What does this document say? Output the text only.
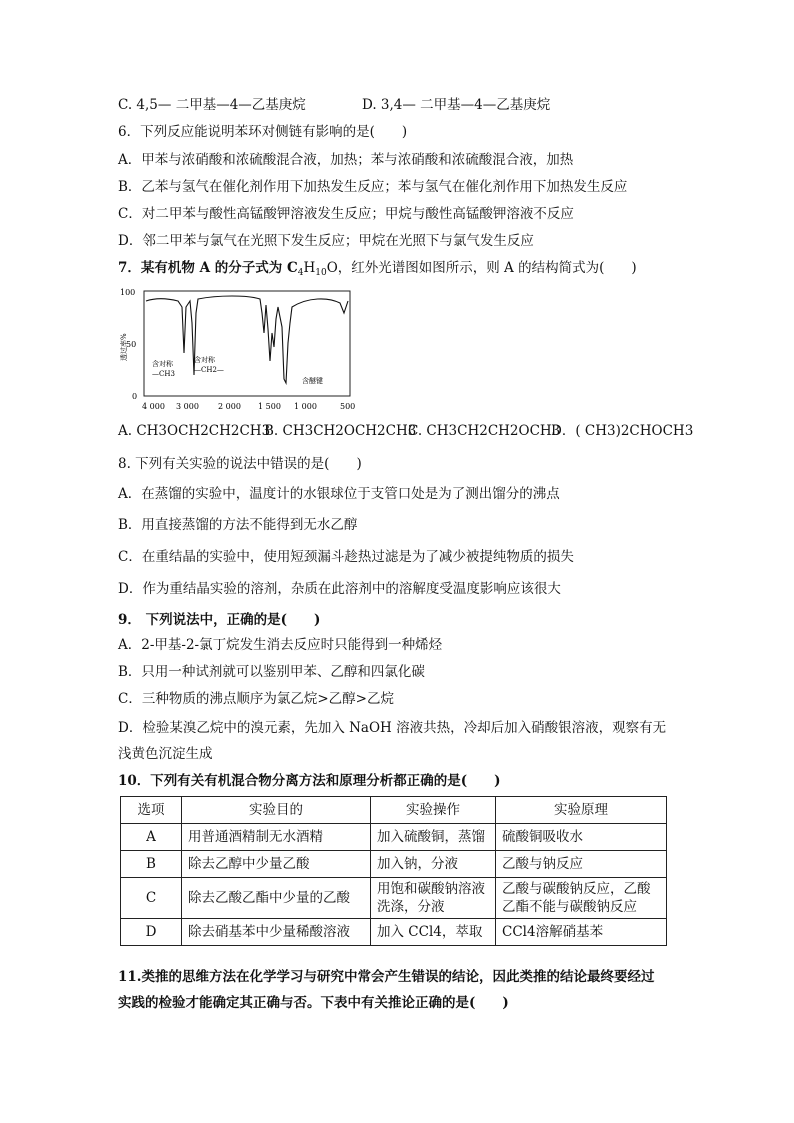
C. 4,5— 二甲基—4—乙基庚烷	D. 3,4— 二甲基—4—乙基庚烷
6．下列反应能说明苯环对侧链有影响的是(　　)
A．甲苯与浓硝酸和浓硫酸混合液，加热；苯与浓硝酸和浓硫酸混合液，加热
B．乙苯与氢气在催化剂作用下加热发生反应；苯与氢气在催化剂作用下加热发生反应
C．对二甲苯与酸性高锰酸钾溶液发生反应；甲烷与酸性高锰酸钾溶液不反应
D．邻二甲苯与氯气在光照下发生反应；甲烷在光照下与氯气发生反应
7．某有机物 A 的分子式为 $C_4H_{10}O$，红外光谱图如图所示，则 A 的结构简式为(　　)
100
50
0
透过率%
4 000 3 000 2 000 1 500 1 000	500
含对称
—CH3
含对称
—CH2—
含醚键
A. CH3OCH2CH2CH3
B. CH3CH2OCH2CH3
C. CH3CH2CH2OCH3
D．( CH3)2CHOCH3
8. 下列有关实验的说法中错误的是(　　)
A．在蒸馏的实验中，温度计的水银球位于支管口处是为了测出馏分的沸点
B．用直接蒸馏的方法不能得到无水乙醇
C．在重结晶的实验中，使用短颈漏斗趁热过滤是为了减少被提纯物质的损失
D．作为重结晶实验的溶剂，杂质在此溶剂中的溶解度受温度影响应该很大
9． 下列说法中，正确的是(　　)
A．2-甲基-2-氯丁烷发生消去反应时只能得到一种烯烃
B．只用一种试剂就可以鉴别甲苯、乙醇和四氯化碳
C．三种物质的沸点顺序为氯乙烷>乙醇>乙烷
D．检验某溴乙烷中的溴元素，先加入 NaOH 溶液共热，冷却后加入硝酸银溶液，观察有无
浅黄色沉淀生成
10．下列有关有机混合物分离方法和原理分析都正确的是(　　)
选项	实验目的	实验操作	实验原理
A	用普通酒精制无水酒精	加入硫酸铜，蒸馏	硫酸铜吸收水
B	除去乙醇中少量乙酸	加入钠，分液	乙酸与钠反应
C	除去乙酸乙酯中少量的乙酸	用饱和碳酸钠溶液洗涤，分液	乙酸与碳酸钠反应，乙酸乙酯不能与碳酸钠反应
D	除去硝基苯中少量稀酸溶液	加入 CCl4，萃取	CCl4溶解硝基苯
11.类推的思维方法在化学学习与研究中常会产生错误的结论，因此类推的结论最终要经过
实践的检验才能确定其正确与否。下表中有关推论正确的是(　　)
